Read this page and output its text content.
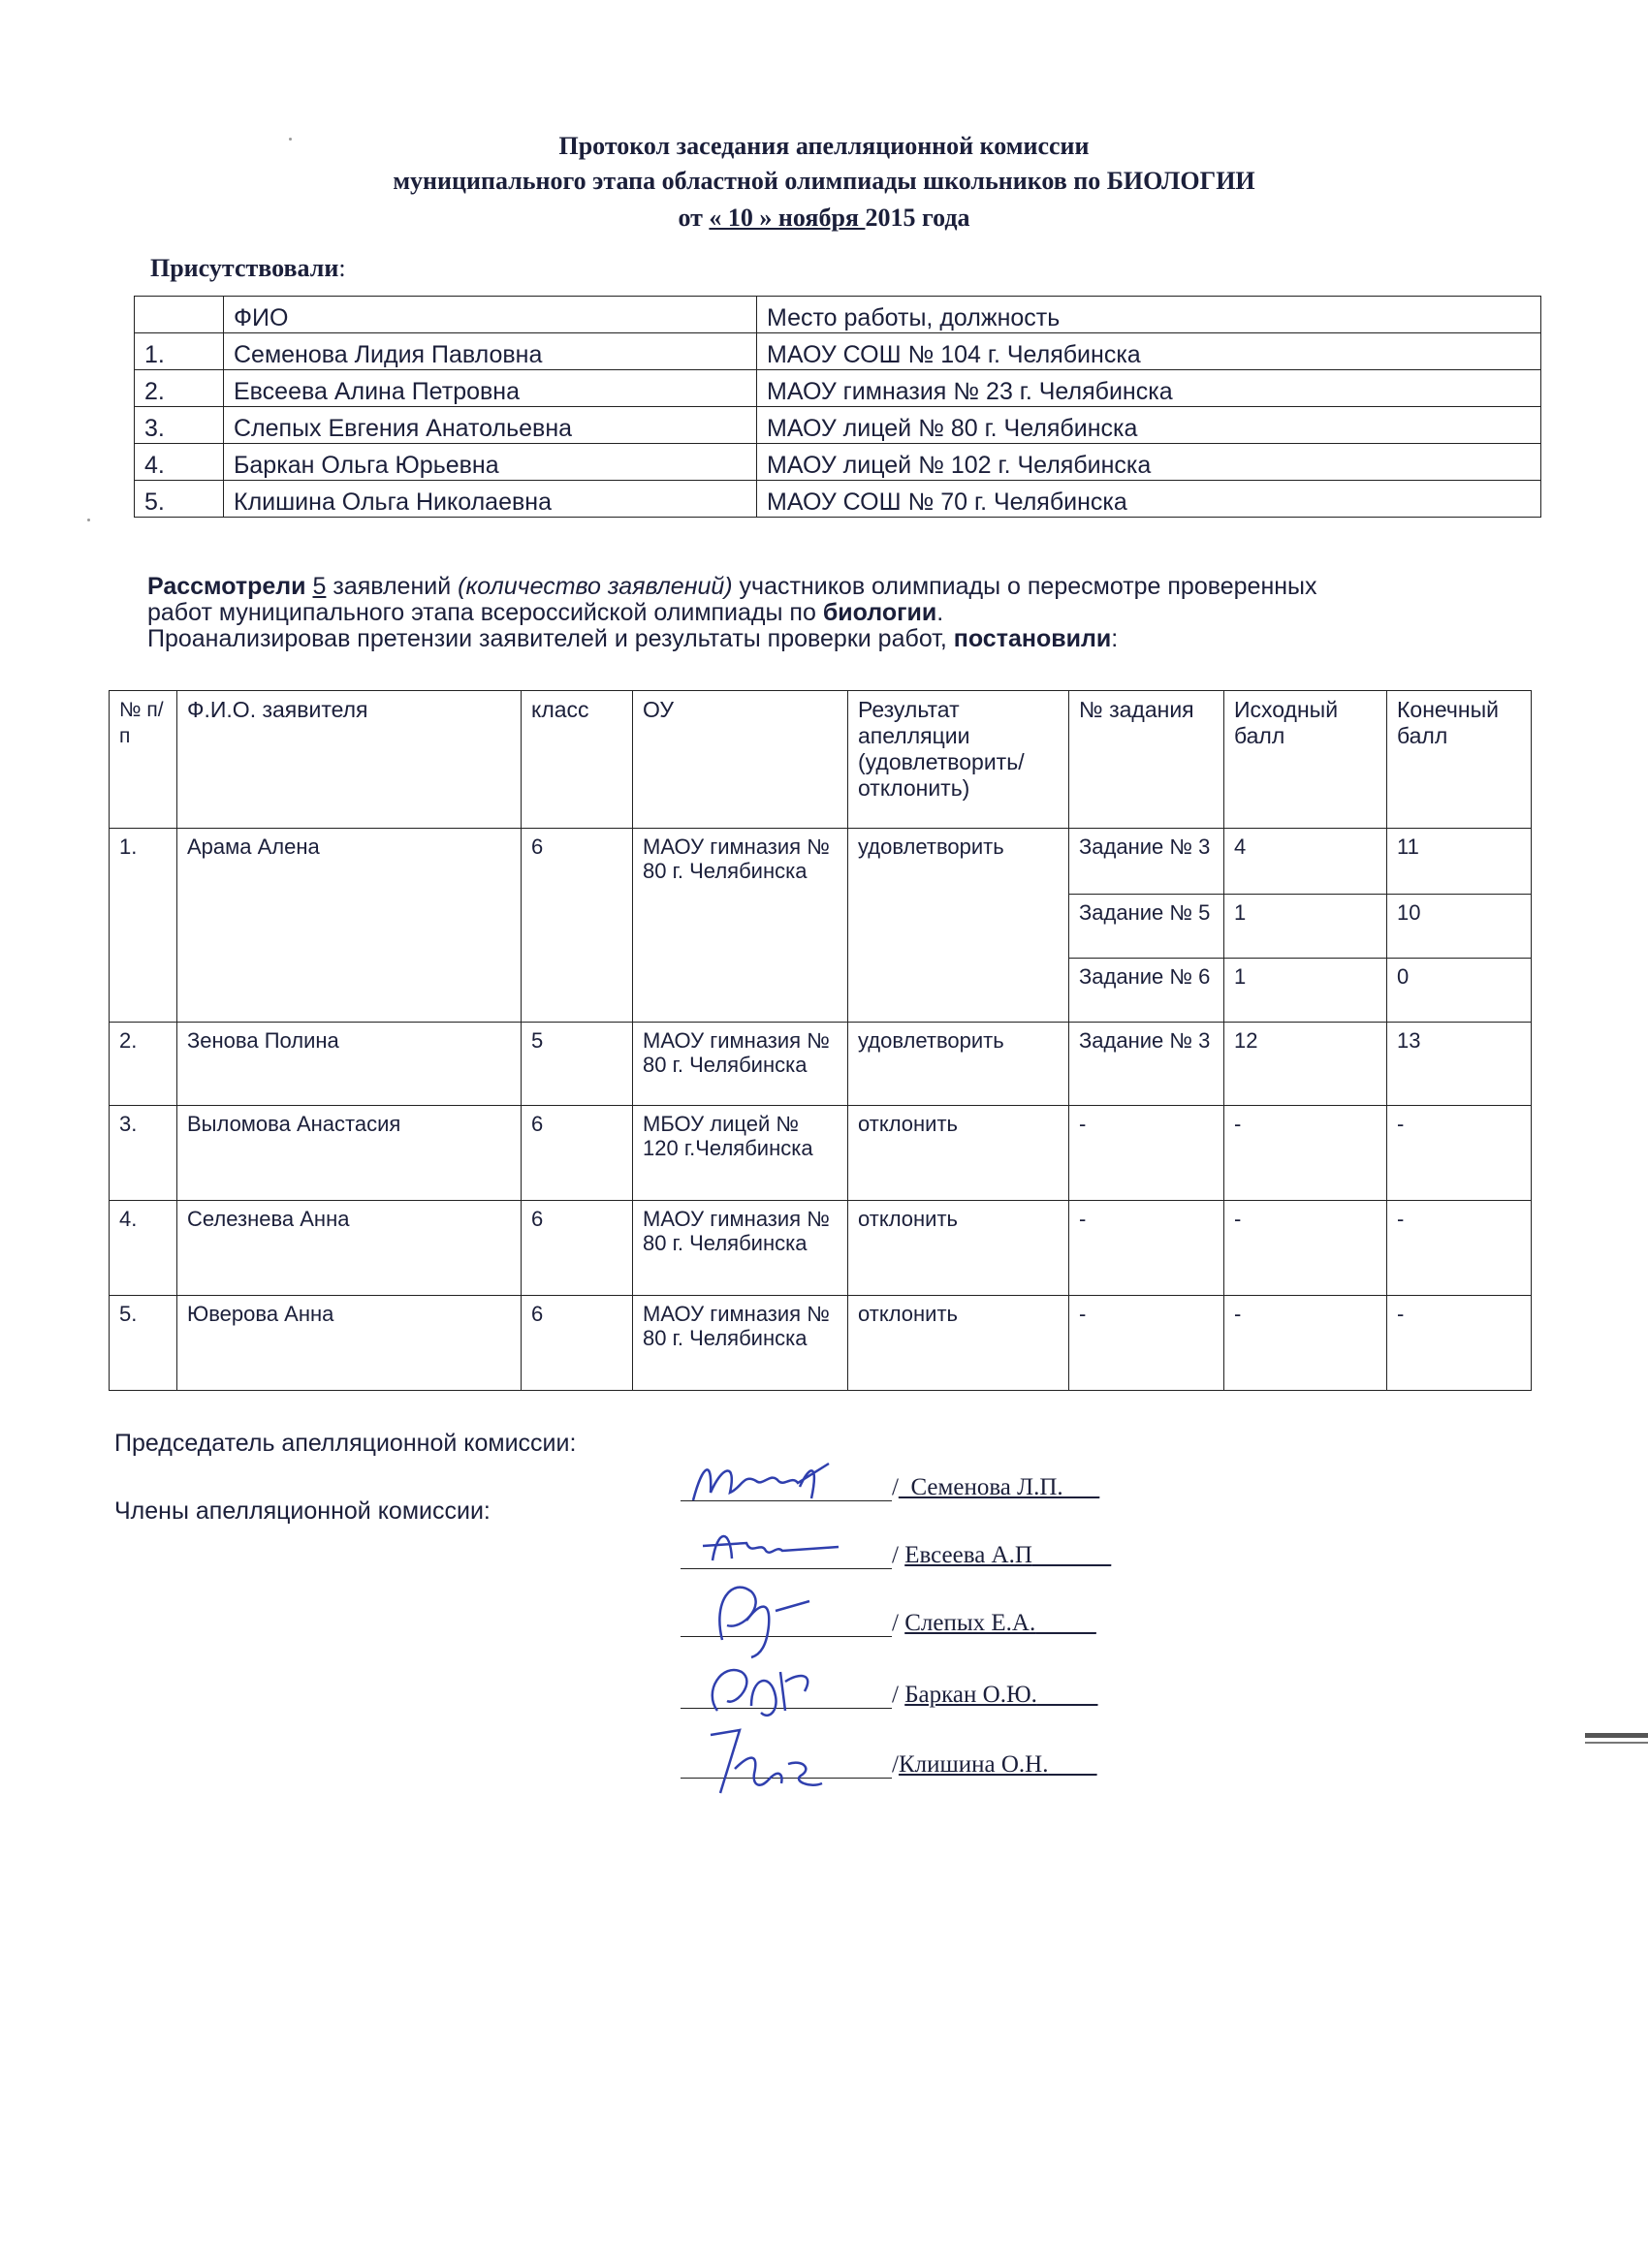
Протокол заседания апелляционной комиссии
муниципального этапа областной олимпиады школьников по БИОЛОГИИ
от « 10 » ноября 2015 года
Присутствовали:
	ФИО	Место работы, должность
1.	Семенова Лидия Павловна	МАОУ СОШ № 104 г. Челябинска
2.	Евсеева Алина Петровна	МАОУ гимназия № 23 г. Челябинска
3.	Слепых Евгения Анатольевна	МАОУ лицей № 80 г. Челябинска
4.	Баркан Ольга Юрьевна	МАОУ лицей № 102 г. Челябинска
5.	Клишина Ольга Николаевна	МАОУ СОШ № 70 г. Челябинска
Рассмотрели 5 заявлений (количество заявлений) участников олимпиады о пересмотре проверенных
работ муниципального этапа всероссийской олимпиады по биологии.
Проанализировав претензии заявителей и результаты проверки работ, постановили:
№ п/п	Ф.И.О. заявителя	класс	ОУ	Результат апелляции (удовлетворить/ отклонить)	№ задания	Исходный балл	Конечный балл
1.	Арама Алена	6	МАОУ гимназия № 80 г. Челябинска	удовлетворить	Задание № 3	4	11
					Задание № 5	1	10
					Задание № 6	1	0
2.	Зенова Полина	5	МАОУ гимназия № 80 г. Челябинска	удовлетворить	Задание № 3	12	13
3.	Выломова Анастасия	6	МБОУ лицей № 120 г.Челябинска	отклонить	-	-	-
4.	Селезнева Анна	6	МАОУ гимназия № 80 г. Челябинска	отклонить	-	-	-
5.	Юверова Анна	6	МАОУ гимназия № 80 г. Челябинска	отклонить	-	-	-
Председатель апелляционной комиссии:
Члены апелляционной комиссии:
/_Семенова Л.П.___
/ Евсеева А.П ______
/ Слепых Е.А._____
/ Баркан О.Ю._____
/Клишина О.Н.____
